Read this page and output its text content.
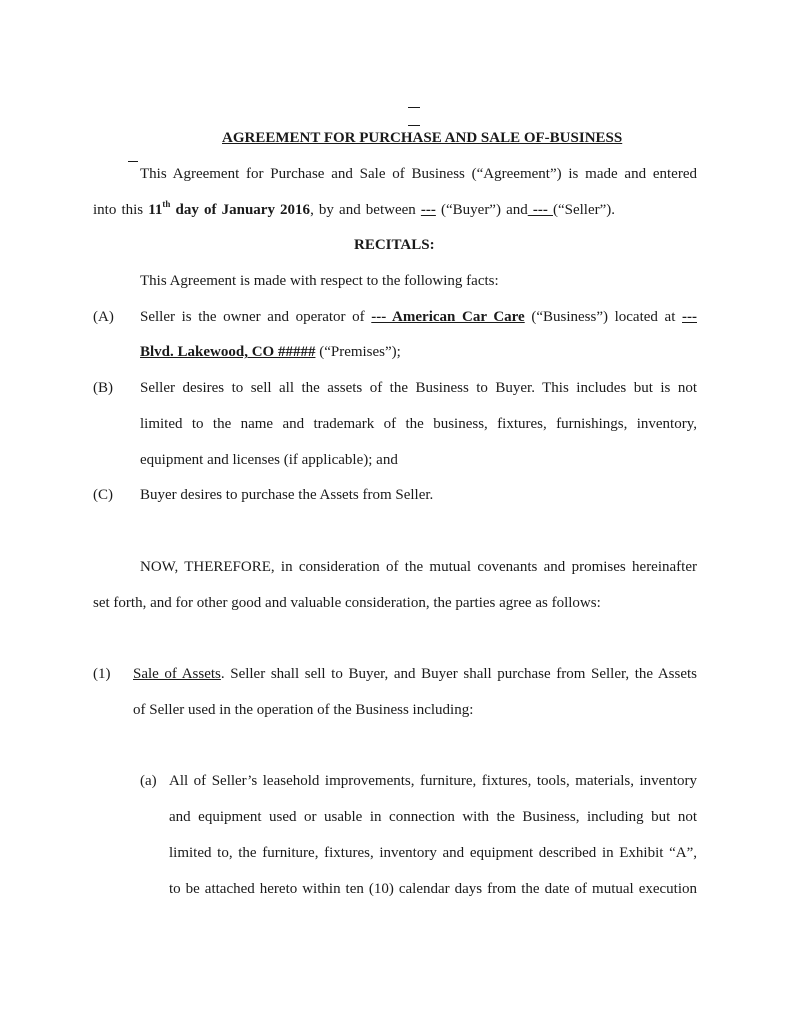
AGREEMENT FOR PURCHASE AND SALE OF-BUSINESS
This Agreement for Purchase and Sale of Business (“Agreement”) is made and entered
into this 11th day of January 2016, by and between --- (“Buyer”) and --- (“Seller”).
RECITALS:
This Agreement is made with respect to the following facts:
(A) Seller is the owner and operator of --- American Car Care (“Business”) located at ---
Blvd. Lakewood, CO ##### (“Premises”);
(B) Seller desires to sell all the assets of the Business to Buyer. This includes but is not
limited to the name and trademark of the business, fixtures, furnishings, inventory,
equipment and licenses (if applicable); and
(C) Buyer desires to purchase the Assets from Seller.
NOW, THEREFORE, in consideration of the mutual covenants and promises hereinafter
set forth, and for other good and valuable consideration, the parties agree as follows:
(1) Sale of Assets. Seller shall sell to Buyer, and Buyer shall purchase from Seller, the Assets
of Seller used in the operation of the Business including:
(a) All of Seller’s leasehold improvements, furniture, fixtures, tools, materials, inventory
and equipment used or usable in connection with the Business, including but not
limited to, the furniture, fixtures, inventory and equipment described in Exhibit “A”,
to be attached hereto within ten (10) calendar days from the date of mutual execution
